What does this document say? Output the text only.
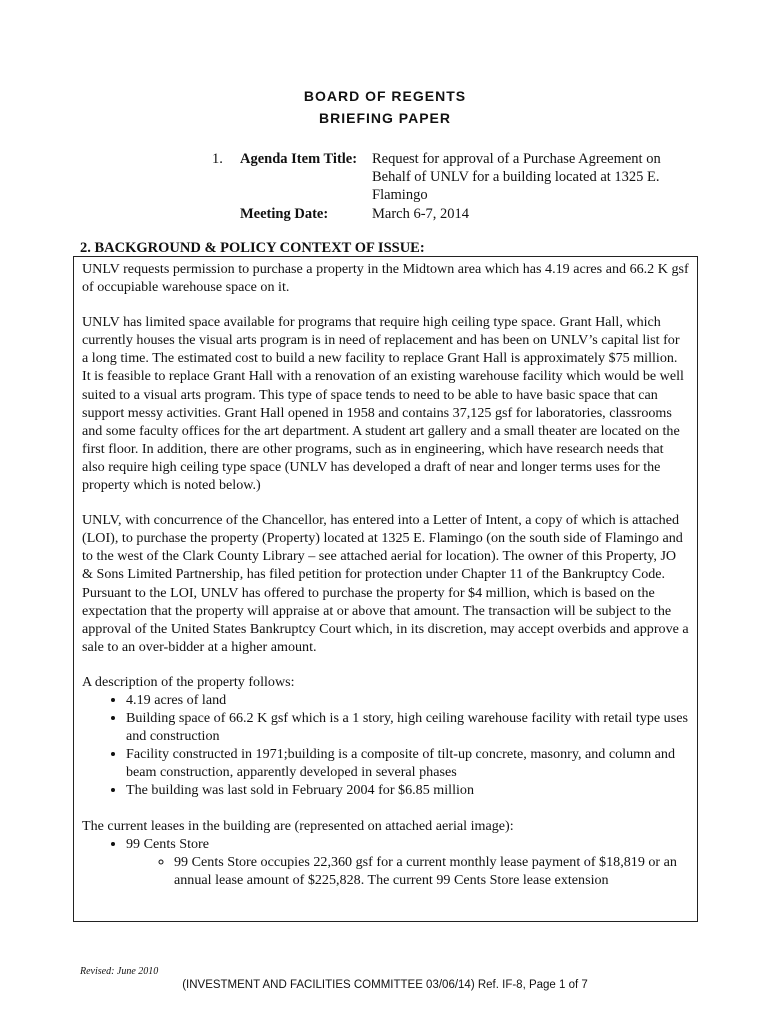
BOARD OF REGENTS
BRIEFING PAPER
1.	Agenda Item Title:	Request for approval of a Purchase Agreement on Behalf of UNLV for a building located at 1325 E. Flamingo
Meeting Date:	March 6-7, 2014
2. BACKGROUND & POLICY CONTEXT OF ISSUE:

UNLV requests permission to purchase a property in the Midtown area which has 4.19 acres and 66.2 K gsf of occupiable warehouse space on it.

UNLV has limited space available for programs that require high ceiling type space. Grant Hall, which currently houses the visual arts program is in need of replacement and has been on UNLV’s capital list for a long time. The estimated cost to build a new facility to replace Grant Hall is approximately $75 million. It is feasible to replace Grant Hall with a renovation of an existing warehouse facility which would be well suited to a visual arts program. This type of space tends to need to be able to have basic space that can support messy activities. Grant Hall opened in 1958 and contains 37,125 gsf for laboratories, classrooms and some faculty offices for the art department. A student art gallery and a small theater are located on the first floor. In addition, there are other programs, such as in engineering, which have research needs that also require high ceiling type space (UNLV has developed a draft of near and longer terms uses for the property which is noted below.)

UNLV, with concurrence of the Chancellor, has entered into a Letter of Intent, a copy of which is attached (LOI), to purchase the property (Property) located at 1325 E. Flamingo (on the south side of Flamingo and to the west of the Clark County Library – see attached aerial for location). The owner of this Property, JO & Sons Limited Partnership, has filed petition for protection under Chapter 11 of the Bankruptcy Code. Pursuant to the LOI, UNLV has offered to purchase the property for $4 million, which is based on the expectation that the property will appraise at or above that amount. The transaction will be subject to the approval of the United States Bankruptcy Court which, in its discretion, may accept overbids and approve a sale to an over-bidder at a higher amount.

A description of the property follows:
• 4.19 acres of land
• Building space of 66.2 K gsf which is a 1 story, high ceiling warehouse facility with retail type uses and construction
• Facility constructed in 1971;building is a composite of tilt-up concrete, masonry, and column and beam construction, apparently developed in several phases
• The building was last sold in February 2004 for $6.85 million
The current leases in the building are (represented on attached aerial image):
• 99 Cents Store
◦ 99 Cents Store occupies 22,360 gsf for a current monthly lease payment of $18,819 or an annual lease amount of $225,828. The current 99 Cents Store lease extension
Revised: June 2010
(INVESTMENT AND FACILITIES COMMITTEE 03/06/14) Ref. IF-8, Page 1 of 7
